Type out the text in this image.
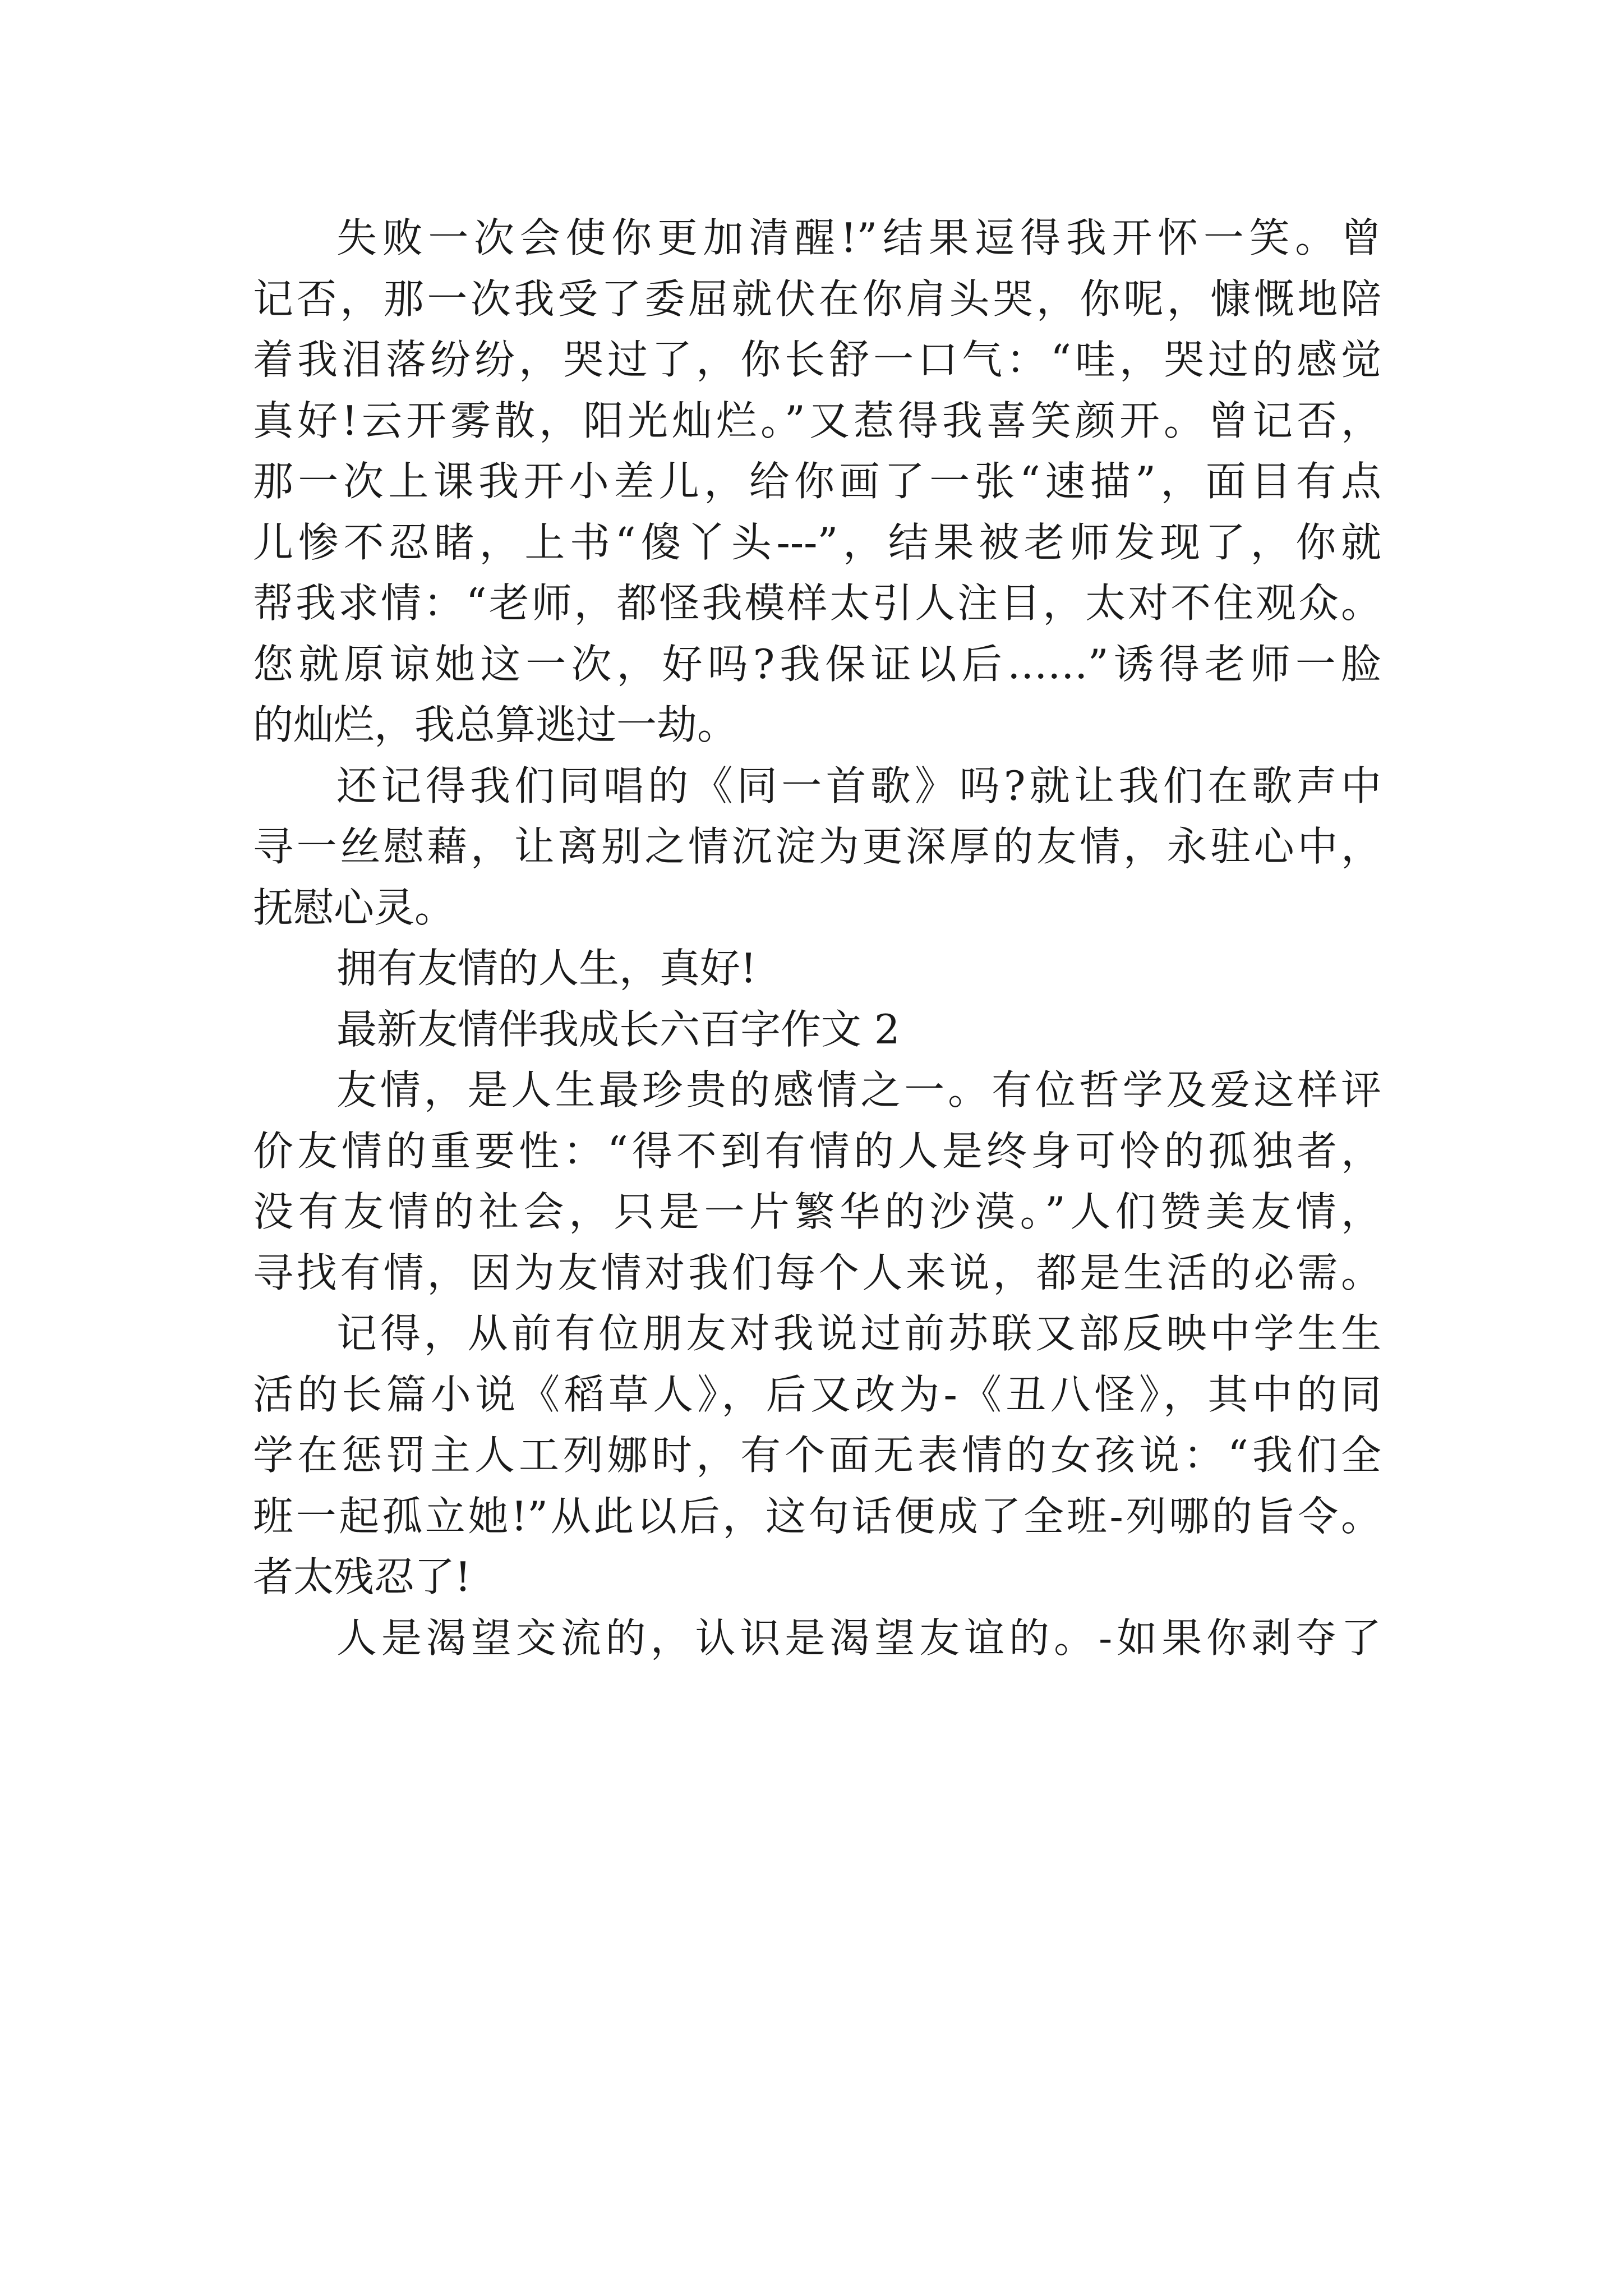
失败一次会使你更加清醒!”结果逗得我开怀一笑。曾
记否，那一次我受了委屈就伏在你肩头哭，你呢，慷慨地陪
着我泪落纷纷，哭过了，你长舒一口气：“哇，哭过的感觉
真好!云开雾散，阳光灿烂。”又惹得我喜笑颜开。曾记否，
那一次上课我开小差儿，给你画了一张“速描”，面目有点
儿惨不忍睹，上书“傻丫头---”，结果被老师发现了，你就
帮我求情：“老师，都怪我模样太引人注目，太对不住观众。
您就原谅她这一次，好吗?我保证以后……”诱得老师一脸
的灿烂，我总算逃过一劫。
还记得我们同唱的《同一首歌》吗?就让我们在歌声中
寻一丝慰藉，让离别之情沉淀为更深厚的友情，永驻心中，
抚慰心灵。
拥有友情的人生，真好!
最新友情伴我成长六百字作文 2
友情，是人生最珍贵的感情之一。有位哲学及爱这样评
价友情的重要性：“得不到有情的人是终身可怜的孤独者，
没有友情的社会，只是一片繁华的沙漠。”人们赞美友情，
寻找有情，因为友情对我们每个人来说，都是生活的必需。
记得，从前有位朋友对我说过前苏联又部反映中学生生
活的长篇小说《稻草人》，后又改为-《丑八怪》，其中的同
学在惩罚主人工列娜时，有个面无表情的女孩说：“我们全
班一起孤立她!”从此以后，这句话便成了全班-列哪的旨令。
者太残忍了!
人是渴望交流的，认识是渴望友谊的。-如果你剥夺了
